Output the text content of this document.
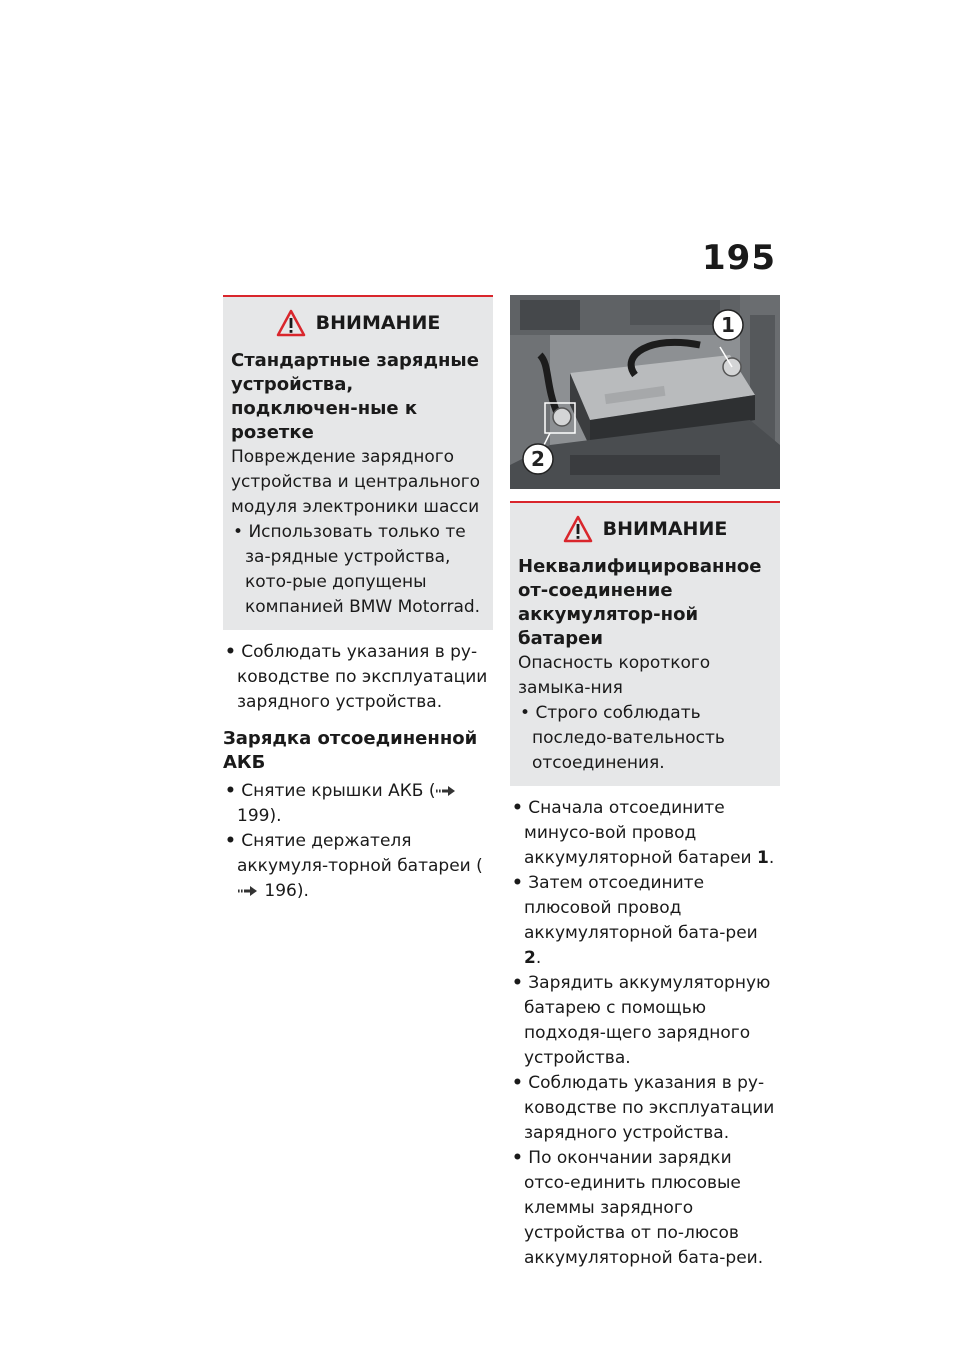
195
ВНИМАНИЕ
Стандартные зарядные устройства, подключен-ные к розетке
Повреждение зарядного устройства и центрального модуля электроники шасси
• Использовать только те за-рядные устройства, кото-рые допущены компанией BMW Motorrad.
• Соблюдать указания в ру-ководстве по эксплуатации зарядного устройства.
Зарядка отсоединенной АКБ
• Снятие крышки АКБ ( 199).
• Снятие держателя аккумуля-торной батареи ( 196).
1
2
ВНИМАНИЕ
Неквалифицированное от-соединение аккумулятор-ной батареи
Опасность короткого замыка-ния
• Строго соблюдать последо-вательность отсоединения.
• Сначала отсоедините минусо-вой провод аккумуляторной батареи 1.
• Затем отсоедините плюсовой провод аккумуляторной бата-реи 2.
• Зарядить аккумуляторную батарею с помощью подходя-щего зарядного устройства.
• Соблюдать указания в ру-ководстве по эксплуатации зарядного устройства.
• По окончании зарядки отсо-единить плюсовые клеммы зарядного устройства от по-люсов аккумуляторной бата-реи.
